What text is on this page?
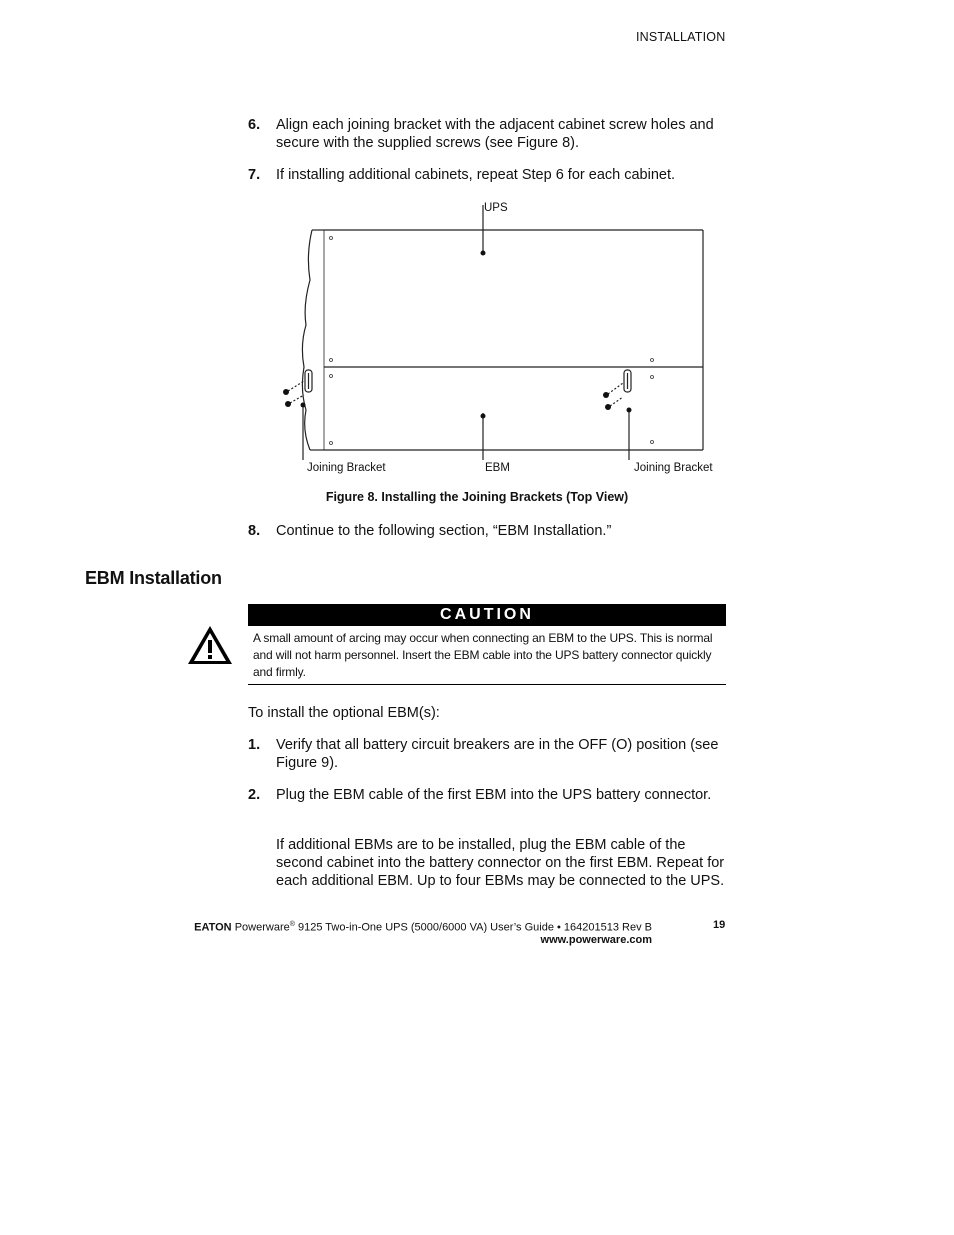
INSTALLATION
6. Align each joining bracket with the adjacent cabinet screw holes and secure with the supplied screws (see Figure 8).
7. If installing additional cabinets, repeat Step 6 for each cabinet.
UPS
Joining Bracket	EBM	Joining Bracket
Figure 8. Installing the Joining Brackets (Top View)
8. Continue to the following section, “EBM Installation.”
EBM Installation
CAUTION
A small amount of arcing may occur when connecting an EBM to the UPS. This is normal and will not harm personnel. Insert the EBM cable into the UPS battery connector quickly and firmly.
To install the optional EBM(s):
1. Verify that all battery circuit breakers are in the OFF (O) position (see Figure 9).
2. Plug the EBM cable of the first EBM into the UPS battery connector.
If additional EBMs are to be installed, plug the EBM cable of the second cabinet into the battery connector on the first EBM. Repeat for each additional EBM. Up to four EBMs may be connected to the UPS.
EATON Powerware® 9125 Two-in-One UPS (5000/6000 VA) User’s Guide • 164201513 Rev B
www.powerware.com
19
